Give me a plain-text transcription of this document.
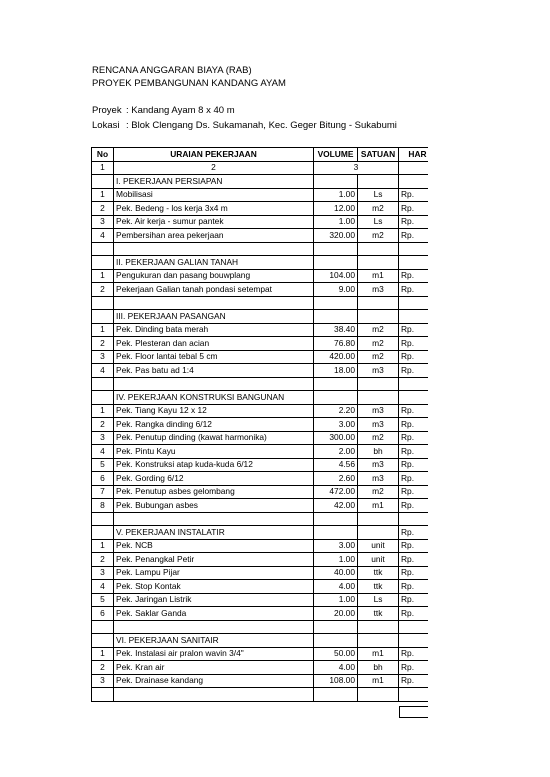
RENCANA ANGGARAN BIAYA (RAB)
PROYEK PEMBANGUNAN KANDANG AYAM
Proyek : Kandang Ayam 8 x 40 m
Lokasi : Blok Clengang Ds. Sukamanah, Kec. Geger Bitung - Sukabumi
No	URAIAN PEKERJAAN	VOLUME	SATUAN	HAR
1	2	3		
	I. PEKERJAAN PERSIAPAN			
1	Mobilisasi	1.00	Ls	Rp.
2	Pek. Bedeng - los kerja 3x4 m	12.00	m2	Rp.
3	Pek. Air kerja - sumur pantek	1.00	Ls	Rp.
4	Pembersihan area pekerjaan	320.00	m2	Rp.

	II. PEKERJAAN GALIAN TANAH			
1	Pengukuran dan pasang bouwplang	104.00	m1	Rp.
2	Pekerjaan Galian tanah pondasi setempat	9.00	m3	Rp.

	III. PEKERJAAN PASANGAN			
1	Pek. Dinding bata merah	38.40	m2	Rp.
2	Pek. Plesteran dan acian	76.80	m2	Rp.
3	Pek. Floor lantai tebal 5 cm	420.00	m2	Rp.
4	Pek. Pas batu ad 1:4	18.00	m3	Rp.

	IV. PEKERJAAN KONSTRUKSI BANGUNAN			
1	Pek. Tiang Kayu 12 x 12	2.20	m3	Rp.
2	Pek. Rangka dinding 6/12	3.00	m3	Rp.
3	Pek. Penutup dinding (kawat harmonika)	300.00	m2	Rp.
4	Pek. Pintu Kayu	2.00	bh	Rp.
5	Pek. Konstruksi atap kuda-kuda 6/12	4.56	m3	Rp.
6	Pek. Gording 6/12	2.60	m3	Rp.
7	Pek. Penutup asbes gelombang	472.00	m2	Rp.
8	Pek. Bubungan asbes	42.00	m1	Rp.

	V. PEKERJAAN INSTALATIR			Rp.
1	Pek. NCB	3.00	unit	Rp.
2	Pek. Penangkal Petir	1.00	unit	Rp.
3	Pek. Lampu Pijar	40.00	ttk	Rp.
4	Pek. Stop Kontak	4.00	ttk	Rp.
5	Pek. Jaringan Listrik	1.00	Ls	Rp.
6	Pek. Saklar Ganda	20.00	ttk	Rp.

	VI. PEKERJAAN SANITAIR			
1	Pek. Instalasi air pralon wavin 3/4"	50.00	m1	Rp.
2	Pek. Kran air	4.00	bh	Rp.
3	Pek. Drainase kandang	108.00	m1	Rp.
